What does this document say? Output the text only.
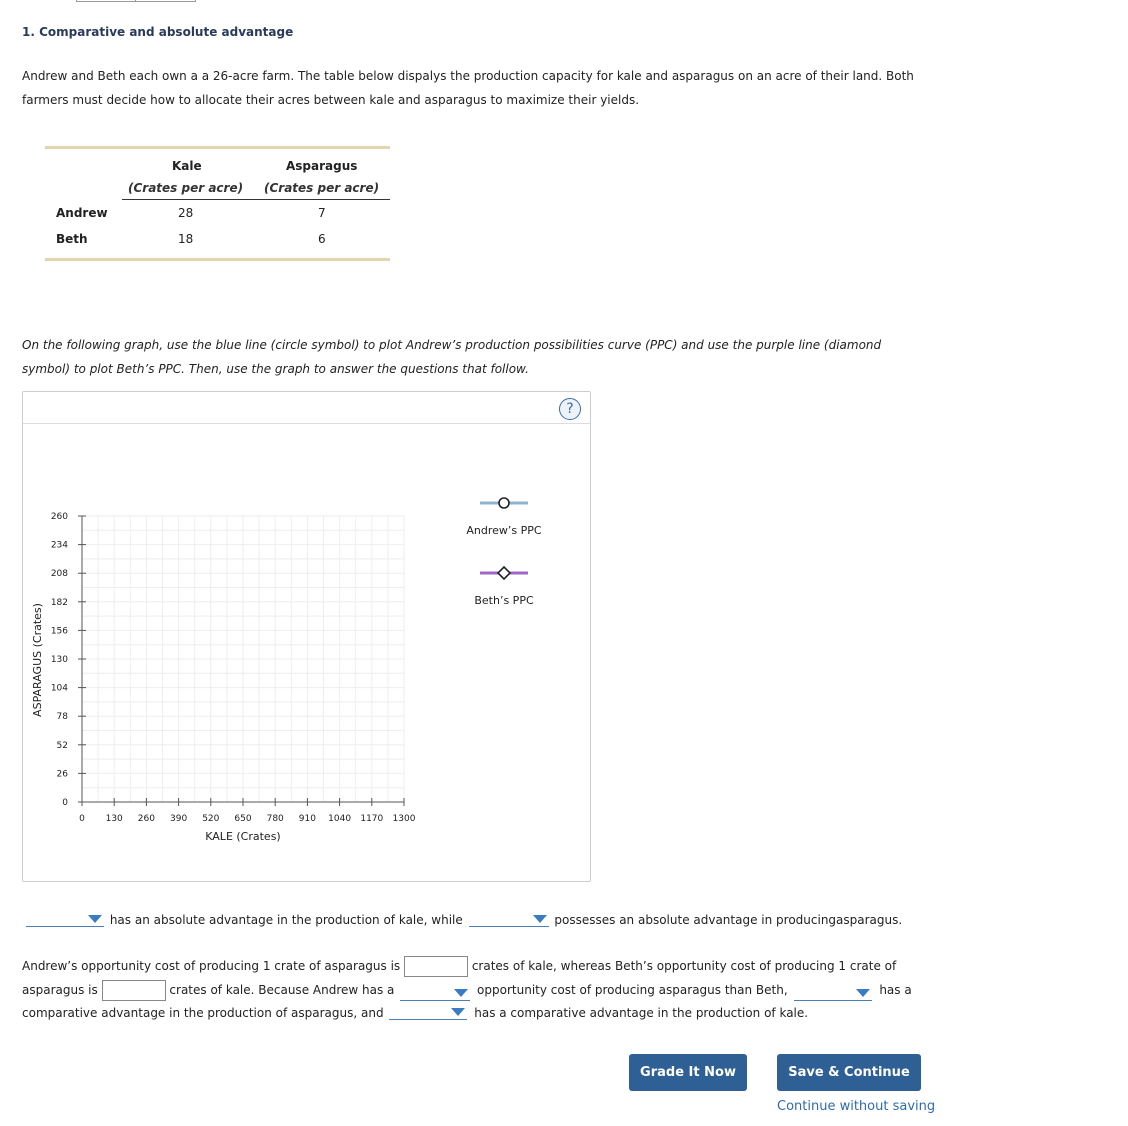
1. Comparative and absolute advantage
Andrew and Beth each own a a 26-acre farm. The table below dispalys the production capacity for kale and asparagus on an acre of their land. Both
farmers must decide how to allocate their acres between kale and asparagus to maximize their yields.
Kale
(Crates per acre)
Asparagus
(Crates per acre)
Andrew	28	7
Beth	18	6
On the following graph, use the blue line (circle symbol) to plot Andrew’s production possibilities curve (PPC) and use the purple line (diamond
symbol) to plot Beth’s PPC. Then, use the graph to answer the questions that follow.
?
0 130 260 390 520 650 780 910 1040 1170 1300
0
26
52
78
104
130
156
182
208
234
260
KALE (Crates)
ASPARAGUS (Crates)
Andrew’s PPC
Beth’s PPC
has an absolute advantage in the production of kale, while	possesses an absolute advantage in producingasparagus.
Andrew’s opportunity cost of producing 1 crate of asparagus is	crates of kale, whereas Beth’s opportunity cost of producing 1 crate of
asparagus is	crates of kale. Because Andrew has a	opportunity cost of producing asparagus than Beth,	has a
comparative advantage in the production of asparagus, and	has a comparative advantage in the production of kale.
Grade It Now	Save & Continue
Continue without saving
